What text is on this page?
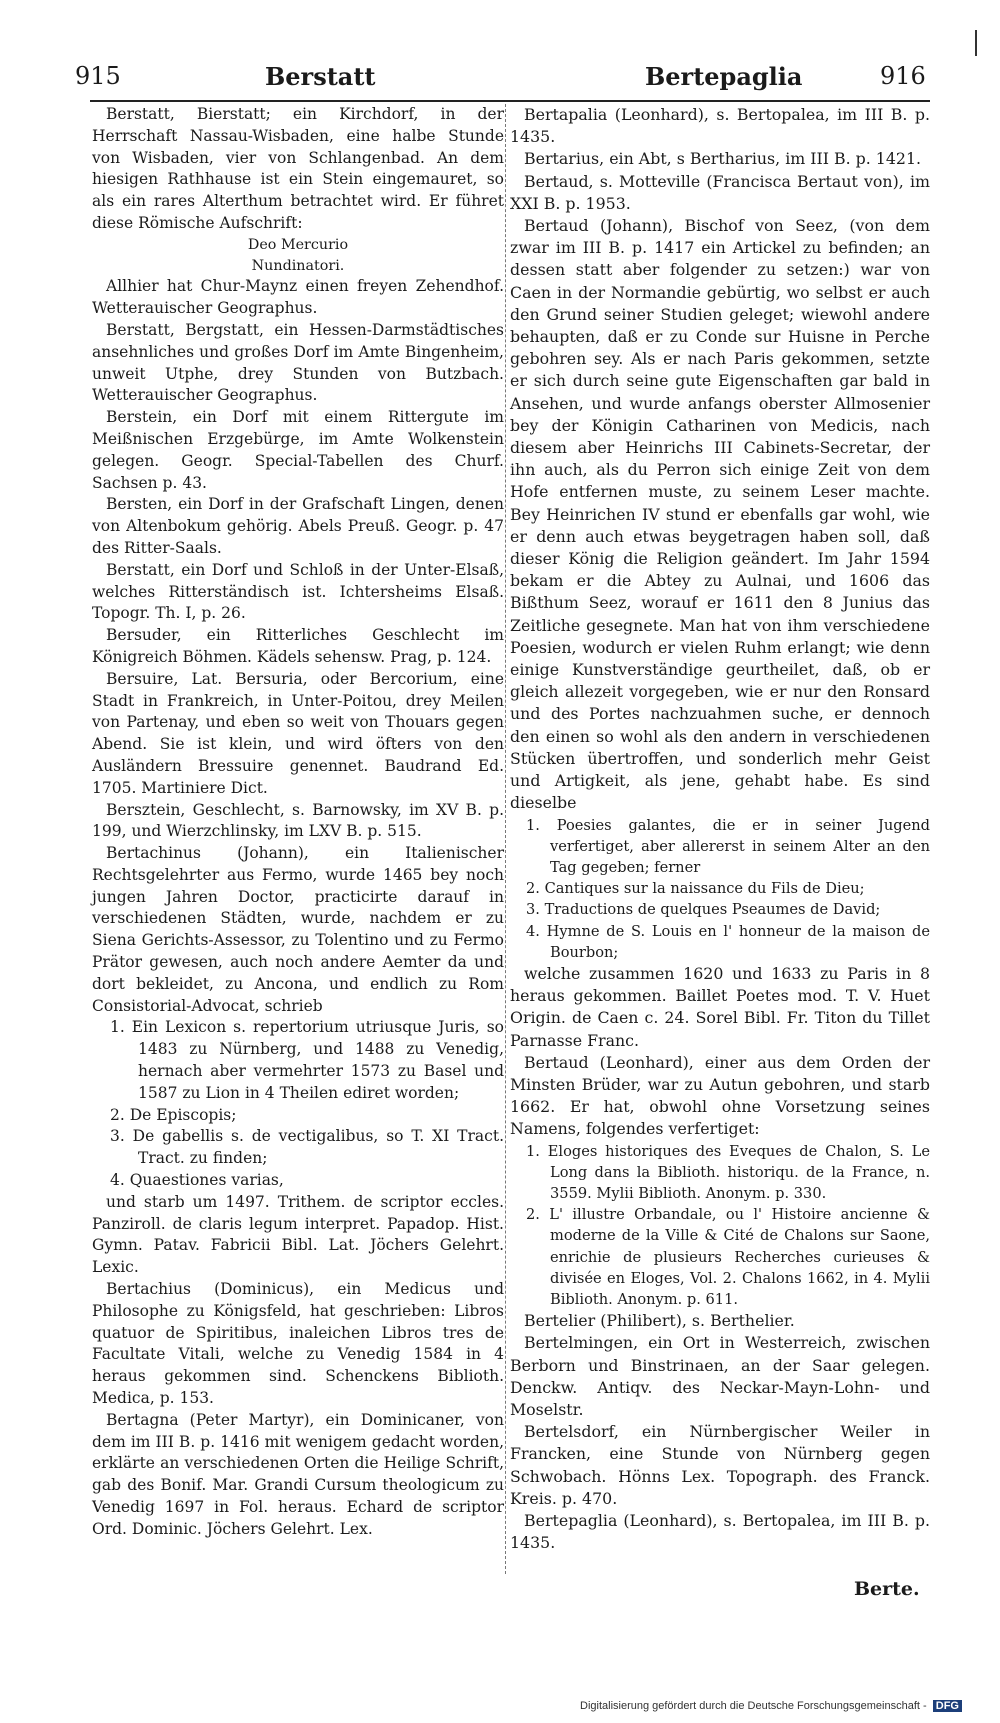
915	Berstatt	Bertepaglia	916

Berstatt, Bierstatt; ein Kirchdorf, in der Herrschaft Nassau-Wisbaden, eine halbe Stunde von Wisbaden, vier von Schlangenbad. An dem hiesigen Rathhause ist ein Stein eingemauret, so als ein rares Alterthum betrachtet wird. Er führet diese Römische Aufschrift:

Deo Mercurio

Nundinatori.

Allhier hat Chur-Maynz einen freyen Zehendhof. Wetterauischer Geographus.

Berstatt, Bergstatt, ein Hessen-Darmstädtisches ansehnliches und großes Dorf im Amte Bingenheim, unweit Utphe, drey Stunden von Butzbach. Wetterauischer Geographus.

Berstein, ein Dorf mit einem Rittergute im Meißnischen Erzgebürge, im Amte Wolkenstein gelegen. Geogr. Special-Tabellen des Churf. Sachsen p. 43.

Bersten, ein Dorf in der Grafschaft Lingen, denen von Altenbokum gehörig. Abels Preuß. Geogr. p. 47 des Ritter-Saals.

Berstatt, ein Dorf und Schloß in der Unter-Elsaß, welches Ritterständisch ist. Ichtersheims Elsaß. Topogr. Th. I, p. 26.

Bersuder, ein Ritterliches Geschlecht im Königreich Böhmen. Kädels sehensw. Prag, p. 124.

Bersuire, Lat. Bersuria, oder Bercorium, eine Stadt in Frankreich, in Unter-Poitou, drey Meilen von Partenay, und eben so weit von Thouars gegen Abend. Sie ist klein, und wird öfters von den Ausländern Bressuire genennet. Baudrand Ed. 1705. Martiniere Dict.

Bersztein, Geschlecht, s. Barnowsky, im XV B. p. 199, und Wierzchlinsky, im LXV B. p. 515.

Bertachinus (Johann), ein Italienischer Rechtsgelehrter aus Fermo, wurde 1465 bey noch jungen Jahren Doctor, practicirte darauf in verschiedenen Städten, wurde, nachdem er zu Siena Gerichts-Assessor, zu Tolentino und zu Fermo Prätor gewesen, auch noch andere Aemter da und dort bekleidet, zu Ancona, und endlich zu Rom Consistorial-Advocat, schrieb

1. Ein Lexicon s. repertorium utriusque Juris, so 1483 zu Nürnberg, und 1488 zu Venedig, hernach aber vermehrter 1573 zu Basel und 1587 zu Lion in 4 Theilen ediret worden;

2. De Episcopis;

3. De gabellis s. de vectigalibus, so T. XI Tract. Tract. zu finden;

4. Quaestiones varias,

und starb um 1497. Trithem. de scriptor eccles. Panziroll. de claris legum interpret. Papadop. Hist. Gymn. Patav. Fabricii Bibl. Lat. Jöchers Gelehrt. Lexic.

Bertachius (Dominicus), ein Medicus und Philosophe zu Königsfeld, hat geschrieben: Libros quatuor de Spiritibus, inaleichen Libros tres de Facultate Vitali, welche zu Venedig 1584 in 4 heraus gekommen sind. Schenckens Biblioth. Medica, p. 153.

Bertagna (Peter Martyr), ein Dominicaner, von dem im III B. p. 1416 mit wenigem gedacht worden, erklärte an verschiedenen Orten die Heilige Schrift, gab des Bonif. Mar. Grandi Cursum theologicum zu Venedig 1697 in Fol. heraus. Echard de scriptor Ord. Dominic. Jöchers Gelehrt. Lex.

Bertapalia (Leonhard), s. Bertopalea, im III B. p. 1435.

Bertarius, ein Abt, s Bertharius, im III B. p. 1421.

Bertaud, s. Motteville (Francisca Bertaut von), im XXI B. p. 1953.

Bertaud (Johann), Bischof von Seez, (von dem zwar im III B. p. 1417 ein Artickel zu befinden; an dessen statt aber folgender zu setzen:) war von Caen in der Normandie gebürtig, wo selbst er auch den Grund seiner Studien geleget; wiewohl andere behaupten, daß er zu Conde sur Huisne in Perche gebohren sey. Als er nach Paris gekommen, setzte er sich durch seine gute Eigenschaften gar bald in Ansehen, und wurde anfangs oberster Allmosenier bey der Königin Catharinen von Medicis, nach diesem aber Heinrichs III Cabinets-Secretar, der ihn auch, als du Perron sich einige Zeit von dem Hofe entfernen muste, zu seinem Leser machte. Bey Heinrichen IV stund er ebenfalls gar wohl, wie er denn auch etwas beygetragen haben soll, daß dieser König die Religion geändert. Im Jahr 1594 bekam er die Abtey zu Aulnai, und 1606 das Bißthum Seez, worauf er 1611 den 8 Junius das Zeitliche gesegnete. Man hat von ihm verschiedene Poesien, wodurch er vielen Ruhm erlangt; wie denn einige Kunstverständige geurtheilet, daß, ob er gleich allezeit vorgegeben, wie er nur den Ronsard und des Portes nachzuahmen suche, er dennoch den einen so wohl als den andern in verschiedenen Stücken übertroffen, und sonderlich mehr Geist und Artigkeit, als jene, gehabt habe. Es sind dieselbe

1. Poesies galantes, die er in seiner Jugend verfertiget, aber allererst in seinem Alter an den Tag gegeben; ferner

2. Cantiques sur la naissance du Fils de Dieu;

3. Traductions de quelques Pseaumes de David;

4. Hymne de S. Louis en l' honneur de la maison de Bourbon;

welche zusammen 1620 und 1633 zu Paris in 8 heraus gekommen. Baillet Poetes mod. T. V. Huet Origin. de Caen c. 24. Sorel Bibl. Fr. Titon du Tillet Parnasse Franc.

Bertaud (Leonhard), einer aus dem Orden der Minsten Brüder, war zu Autun gebohren, und starb 1662. Er hat, obwohl ohne Vorsetzung seines Namens, folgendes verfertiget:

1. Eloges historiques des Eveques de Chalon, S. Le Long dans la Biblioth. historiqu. de la France, n. 3559. Mylii Biblioth. Anonym. p. 330.

2. L' illustre Orbandale, ou l' Histoire ancienne & moderne de la Ville & Cité de Chalons sur Saone, enrichie de plusieurs Recherches curieuses & divisée en Eloges, Vol. 2. Chalons 1662, in 4. Mylii Biblioth. Anonym. p. 611.

Bertelier (Philibert), s. Berthelier.

Bertelmingen, ein Ort in Westerreich, zwischen Berborn und Binstrinaen, an der Saar gelegen. Denckw. Antiqv. des Neckar-Mayn-Lohn- und Moselstr.

Bertelsdorf, ein Nürnbergischer Weiler in Francken, eine Stunde von Nürnberg gegen Schwobach. Hönns Lex. Topograph. des Franck. Kreis. p. 470.

Bertepaglia (Leonhard), s. Bertopalea, im III B. p. 1435.

Berte.
Digitalisierung gefördert durch die Deutsche Forschungsgemeinschaft - DFG
